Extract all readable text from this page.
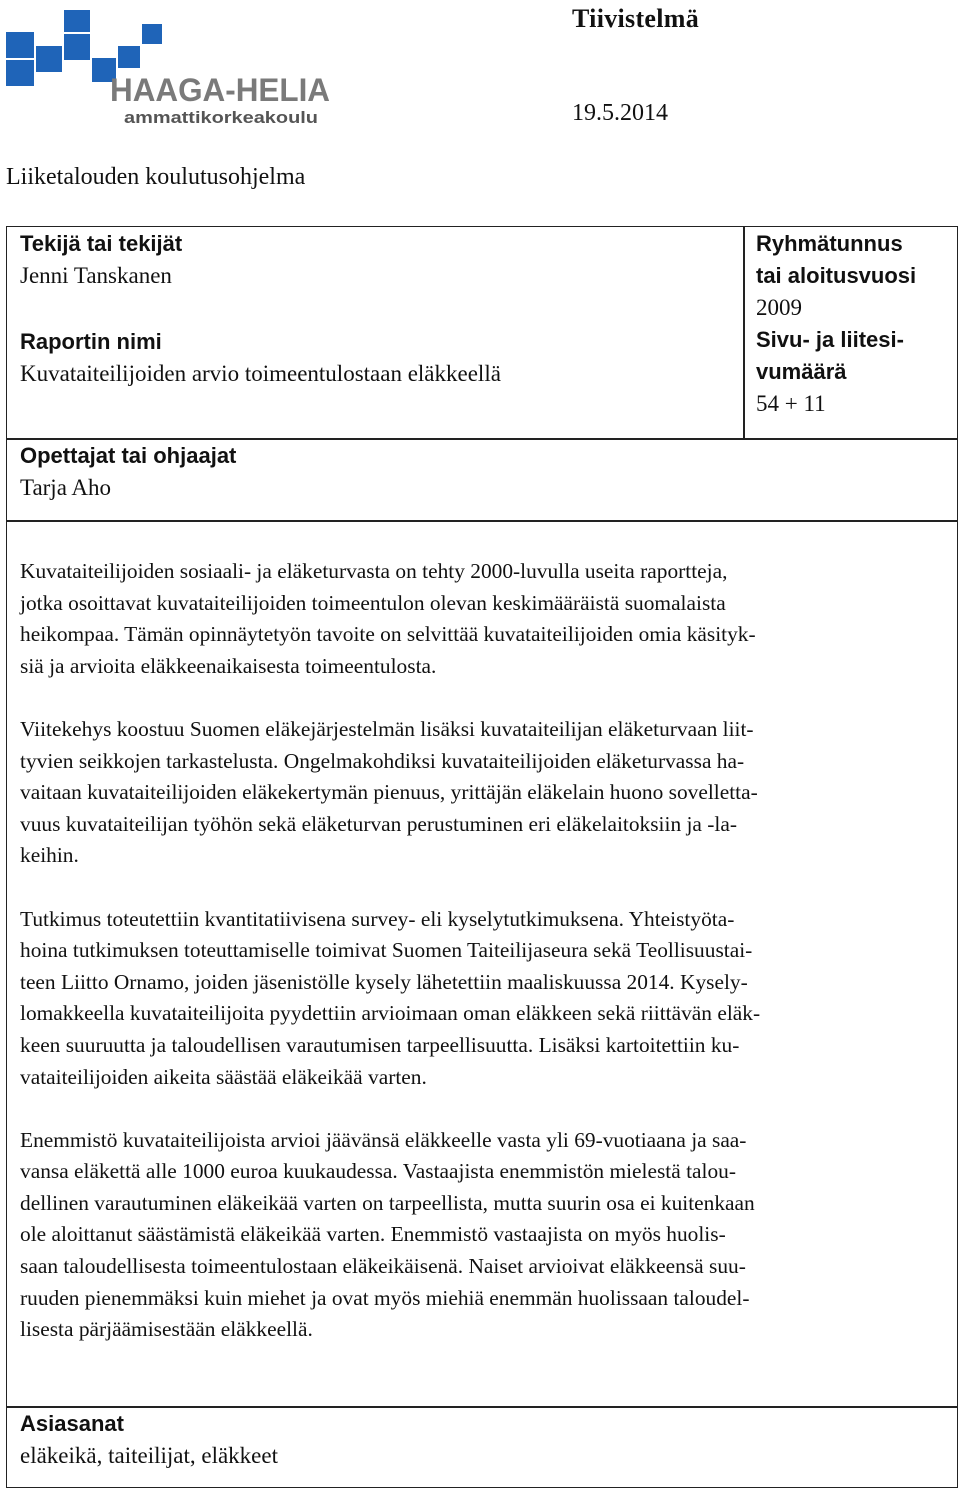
HAAGA-HELIA
ammattikorkeakoulu
Tiivistelmä
19.5.2014
Liiketalouden koulutusohjelma
Tekijä tai tekijät
Jenni Tanskanen
Raportin nimi
Kuvataiteilijoiden arvio toimeentulostaan eläkkeellä
Ryhmätunnus
tai aloitusvuosi
2009
Sivu- ja liitesi-
vumäärä
54 + 11
Opettajat tai ohjaajat
Tarja Aho

Kuvataiteilijoiden sosiaali- ja eläketurvasta on tehty 2000-luvulla useita raportteja,
jotka osoittavat kuvataiteilijoiden toimeentulon olevan keskimääräistä suomalaista
heikompaa. Tämän opinnäytetyön tavoite on selvittää kuvataiteilijoiden omia käsityk-
siä ja arvioita eläkkeenaikaisesta toimeentulosta.

Viitekehys koostuu Suomen eläkejärjestelmän lisäksi kuvataiteilijan eläketurvaan liit-
tyvien seikkojen tarkastelusta. Ongelmakohdiksi kuvataiteilijoiden eläketurvassa ha-
vaitaan kuvataiteilijoiden eläkekertymän pienuus, yrittäjän eläkelain huono sovelletta-
vuus kuvataiteilijan työhön sekä eläketurvan perustuminen eri eläkelaitoksiin ja -la-
keihin.

Tutkimus toteutettiin kvantitatiivisena survey- eli kyselytutkimuksena. Yhteistyöta-
hoina tutkimuksen toteuttamiselle toimivat Suomen Taiteilijaseura sekä Teollisuustai-
teen Liitto Ornamo, joiden jäsenistölle kysely lähetettiin maaliskuussa 2014. Kysely-
lomakkeella kuvataiteilijoita pyydettiin arvioimaan oman eläkkeen sekä riittävän eläk-
keen suuruutta ja taloudellisen varautumisen tarpeellisuutta. Lisäksi kartoitettiin ku-
vataiteilijoiden aikeita säästää eläkeikää varten.

Enemmistö kuvataiteilijoista arvioi jäävänsä eläkkeelle vasta yli 69-vuotiaana ja saa-
vansa eläkettä alle 1000 euroa kuukaudessa. Vastaajista enemmistön mielestä talou-
dellinen varautuminen eläkeikää varten on tarpeellista, mutta suurin osa ei kuitenkaan
ole aloittanut säästämistä eläkeikää varten. Enemmistö vastaajista on myös huolis-
saan taloudellisesta toimeentulostaan eläkeikäisenä. Naiset arvioivat eläkkeensä suu-
ruuden pienemmäksi kuin miehet ja ovat myös miehiä enemmän huolissaan taloudel-
lisesta pärjäämisestään eläkkeellä.

Asiasanat
eläkeikä, taiteilijat, eläkkeet
